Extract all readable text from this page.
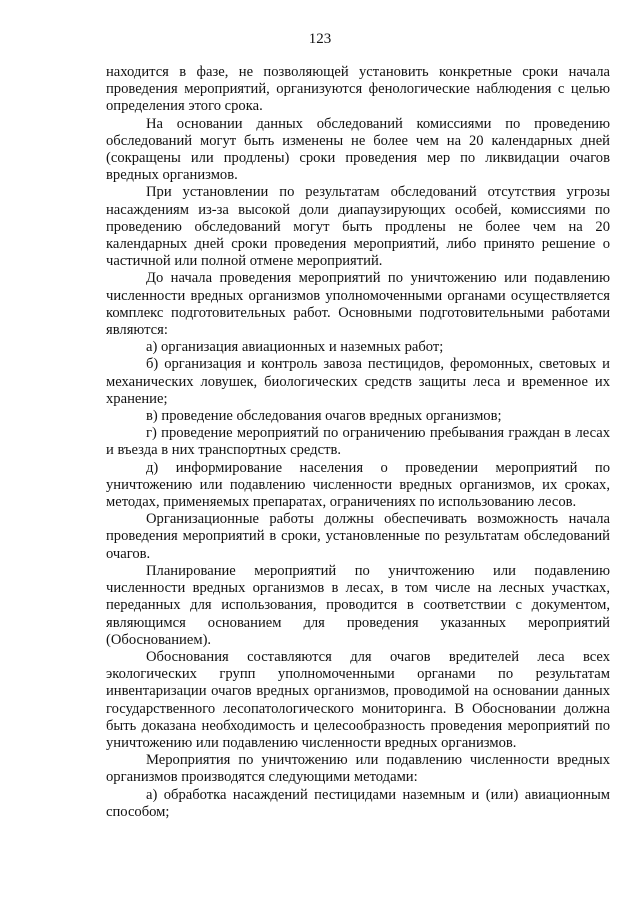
123

находится в фазе, не позволяющей установить конкретные сроки начала проведения мероприятий, организуются фенологические наблюдения с целью определения этого срока.

На основании данных обследований комиссиями по проведению обследований могут быть изменены не более чем на 20 календарных дней (сокращены или продлены) сроки проведения мер по ликвидации очагов вредных организмов.

При установлении по результатам обследований отсутствия угрозы насаждениям из-за высокой доли диапаузирующих особей, комиссиями по проведению обследований могут быть продлены не более чем на 20 календарных дней сроки проведения мероприятий, либо принято решение о частичной или полной отмене мероприятий.

До начала проведения мероприятий по уничтожению или подавлению численности вредных организмов уполномоченными органами осуществляется комплекс подготовительных работ. Основными подготовительными работами являются:

а) организация авиационных и наземных работ;

б) организация и контроль завоза пестицидов, феромонных, световых и механических ловушек, биологических средств защиты леса и временное их хранение;

в) проведение обследования очагов вредных организмов;

г) проведение мероприятий по ограничению пребывания граждан в лесах и въезда в них транспортных средств.

д) информирование населения о проведении мероприятий по уничтожению или подавлению численности вредных организмов, их сроках, методах, применяемых препаратах, ограничениях по использованию лесов.

Организационные работы должны обеспечивать возможность начала проведения мероприятий в сроки, установленные по результатам обследований очагов.

Планирование мероприятий по уничтожению или подавлению численности вредных организмов в лесах, в том числе на лесных участках, переданных для использования, проводится в соответствии с документом, являющимся основанием для проведения указанных мероприятий (Обоснованием).

Обоснования составляются для очагов вредителей леса всех экологических групп уполномоченными органами по результатам инвентаризации очагов вредных организмов, проводимой на основании данных государственного лесопатологического мониторинга. В Обосновании должна быть доказана необходимость и целесообразность проведения мероприятий по уничтожению или подавлению численности вредных организмов.

Мероприятия по уничтожению или подавлению численности вредных организмов производятся следующими методами:

а) обработка насаждений пестицидами наземным и (или) авиационным способом;
